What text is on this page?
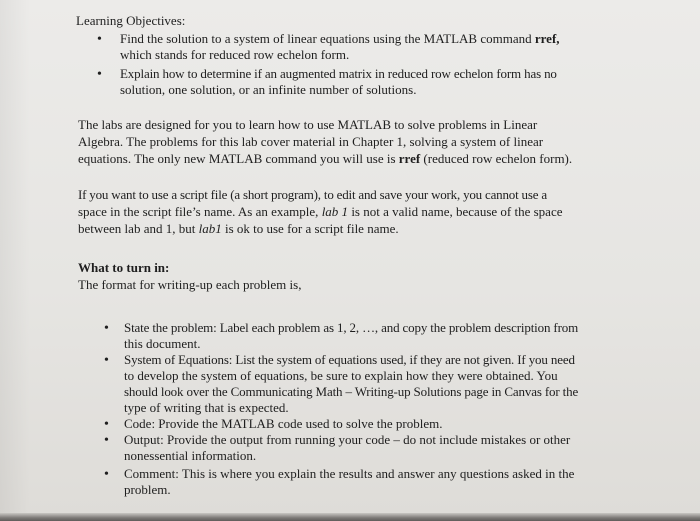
Learning Objectives:
• Find the solution to a system of linear equations using the MATLAB command rref,
which stands for reduced row echelon form.
• Explain how to determine if an augmented matrix in reduced row echelon form has no
solution, one solution, or an infinite number of solutions.
The labs are designed for you to learn how to use MATLAB to solve problems in Linear
Algebra. The problems for this lab cover material in Chapter 1, solving a system of linear
equations. The only new MATLAB command you will use is rref (reduced row echelon form).
If you want to use a script file (a short program), to edit and save your work, you cannot use a
space in the script file’s name. As an example, lab 1 is not a valid name, because of the space
between lab and 1, but lab1 is ok to use for a script file name.
What to turn in:
The format for writing-up each problem is,
• State the problem: Label each problem as 1, 2, …, and copy the problem description from
this document.
• System of Equations: List the system of equations used, if they are not given. If you need
to develop the system of equations, be sure to explain how they were obtained. You
should look over the Communicating Math – Writing-up Solutions page in Canvas for the
type of writing that is expected.
• Code: Provide the MATLAB code used to solve the problem.
• Output: Provide the output from running your code – do not include mistakes or other
nonessential information.
• Comment: This is where you explain the results and answer any questions asked in the
problem.
